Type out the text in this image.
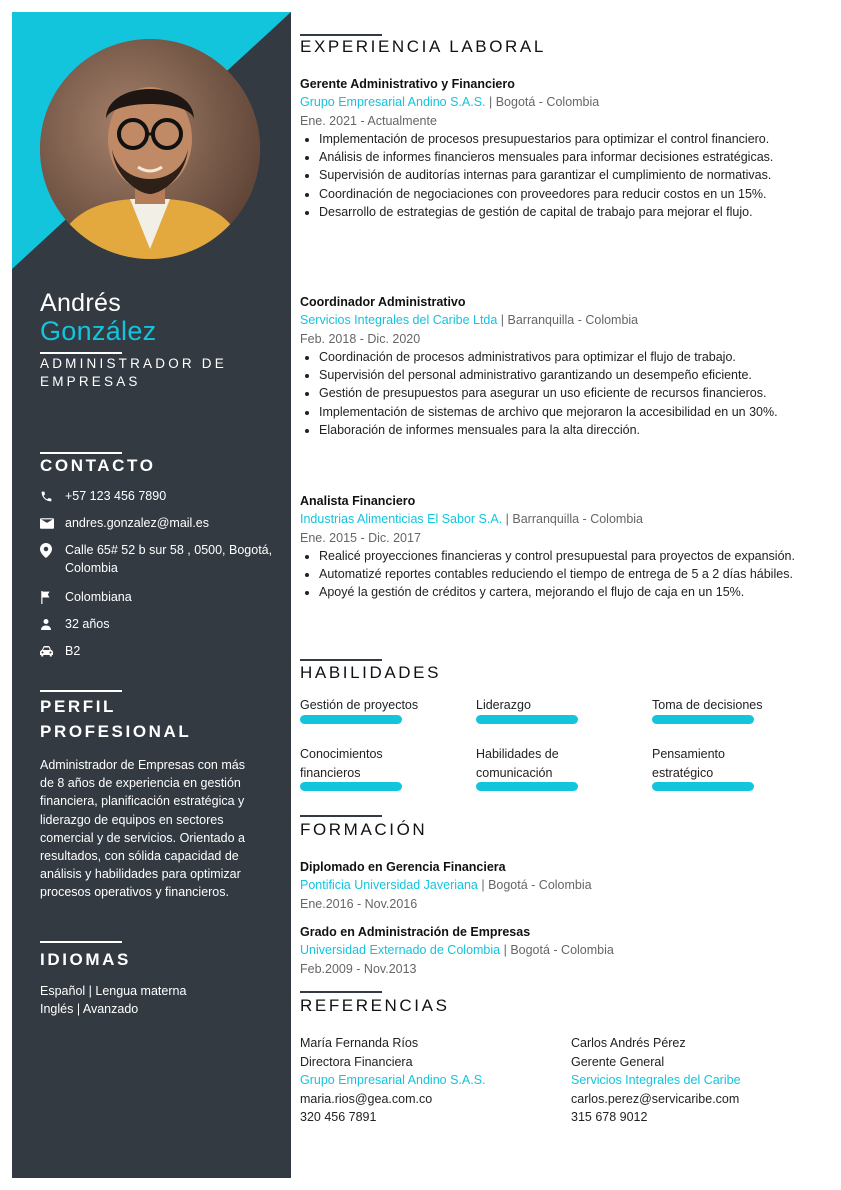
Andrés
González
ADMINISTRADOR DE EMPRESAS
CONTACTO
+57 123 456 7890
andres.gonzalez@mail.es
Calle 65# 52 b sur 58 , 0500, Bogotá, Colombia
Colombiana
32 años
B2
PERFIL PROFESIONAL
Administrador de Empresas con más de 8 años de experiencia en gestión financiera, planificación estratégica y liderazgo de equipos en sectores comercial y de servicios. Orientado a resultados, con sólida capacidad de análisis y habilidades para optimizar procesos operativos y financieros.
IDIOMAS
Español | Lengua materna
Inglés | Avanzado
EXPERIENCIA LABORAL
Gerente Administrativo y Financiero
Grupo Empresarial Andino S.A.S. | Bogotá - Colombia
Ene. 2021 - Actualmente
• Implementación de procesos presupuestarios para optimizar el control financiero.
• Análisis de informes financieros mensuales para informar decisiones estratégicas.
• Supervisión de auditorías internas para garantizar el cumplimiento de normativas.
• Coordinación de negociaciones con proveedores para reducir costos en un 15%.
• Desarrollo de estrategias de gestión de capital de trabajo para mejorar el flujo.
Coordinador Administrativo
Servicios Integrales del Caribe Ltda | Barranquilla - Colombia
Feb. 2018 - Dic. 2020
• Coordinación de procesos administrativos para optimizar el flujo de trabajo.
• Supervisión del personal administrativo garantizando un desempeño eficiente.
• Gestión de presupuestos para asegurar un uso eficiente de recursos financieros.
• Implementación de sistemas de archivo que mejoraron la accesibilidad en un 30%.
• Elaboración de informes mensuales para la alta dirección.
Analista Financiero
Industrias Alimenticias El Sabor S.A. | Barranquilla - Colombia
Ene. 2015 - Dic. 2017
• Realicé proyecciones financieras y control presupuestal para proyectos de expansión.
• Automatizé reportes contables reduciendo el tiempo de entrega de 5 a 2 días hábiles.
• Apoyé la gestión de créditos y cartera, mejorando el flujo de caja en un 15%.
HABILIDADES
Gestión de proyectos	Liderazgo	Toma de decisiones
Conocimientos financieros
Habilidades de comunicación
Pensamiento estratégico
FORMACIÓN
Diplomado en Gerencia Financiera
Pontificia Universidad Javeriana | Bogotá - Colombia
Ene.2016 - Nov.2016
Grado en Administración de Empresas
Universidad Externado de Colombia | Bogotá - Colombia
Feb.2009 - Nov.2013
REFERENCIAS
María Fernanda Ríos
Directora Financiera
Grupo Empresarial Andino S.A.S.
maria.rios@gea.com.co
320 456 7891
Carlos Andrés Pérez
Gerente General
Servicios Integrales del Caribe
carlos.perez@servicaribe.com
315 678 9012
